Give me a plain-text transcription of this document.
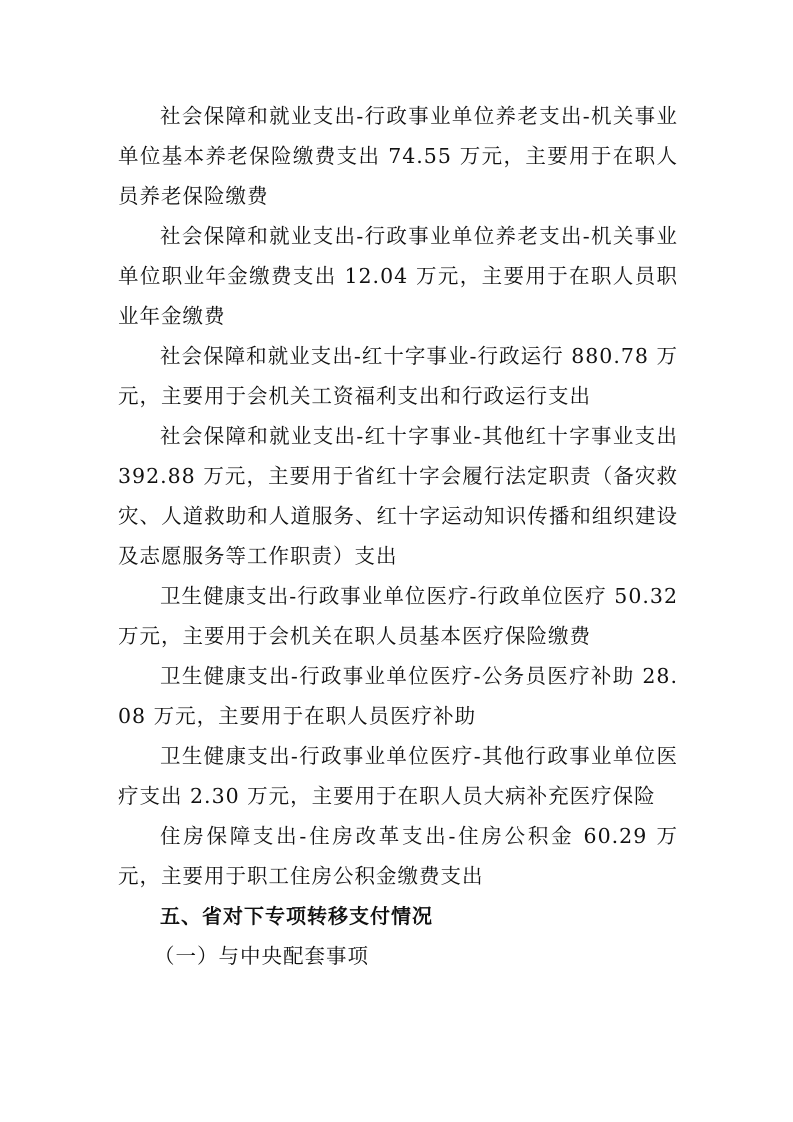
社会保障和就业支出-行政事业单位养老支出-机关事业单位基本养老保险缴费支出 74.55 万元，主要用于在职人员养老保险缴费

社会保障和就业支出-行政事业单位养老支出-机关事业单位职业年金缴费支出 12.04 万元，主要用于在职人员职业年金缴费

社会保障和就业支出-红十字事业-行政运行 880.78 万元，主要用于会机关工资福利支出和行政运行支出

社会保障和就业支出-红十字事业-其他红十字事业支出392.88 万元，主要用于省红十字会履行法定职责（备灾救灾、人道救助和人道服务、红十字运动知识传播和组织建设及志愿服务等工作职责）支出

卫生健康支出-行政事业单位医疗-行政单位医疗 50.32 万元，主要用于会机关在职人员基本医疗保险缴费

卫生健康支出-行政事业单位医疗-公务员医疗补助 28.08 万元，主要用于在职人员医疗补助

卫生健康支出-行政事业单位医疗-其他行政事业单位医疗支出 2.30 万元，主要用于在职人员大病补充医疗保险

住房保障支出-住房改革支出-住房公积金 60.29 万元，主要用于职工住房公积金缴费支出

五、省对下专项转移支付情况

（一）与中央配套事项
